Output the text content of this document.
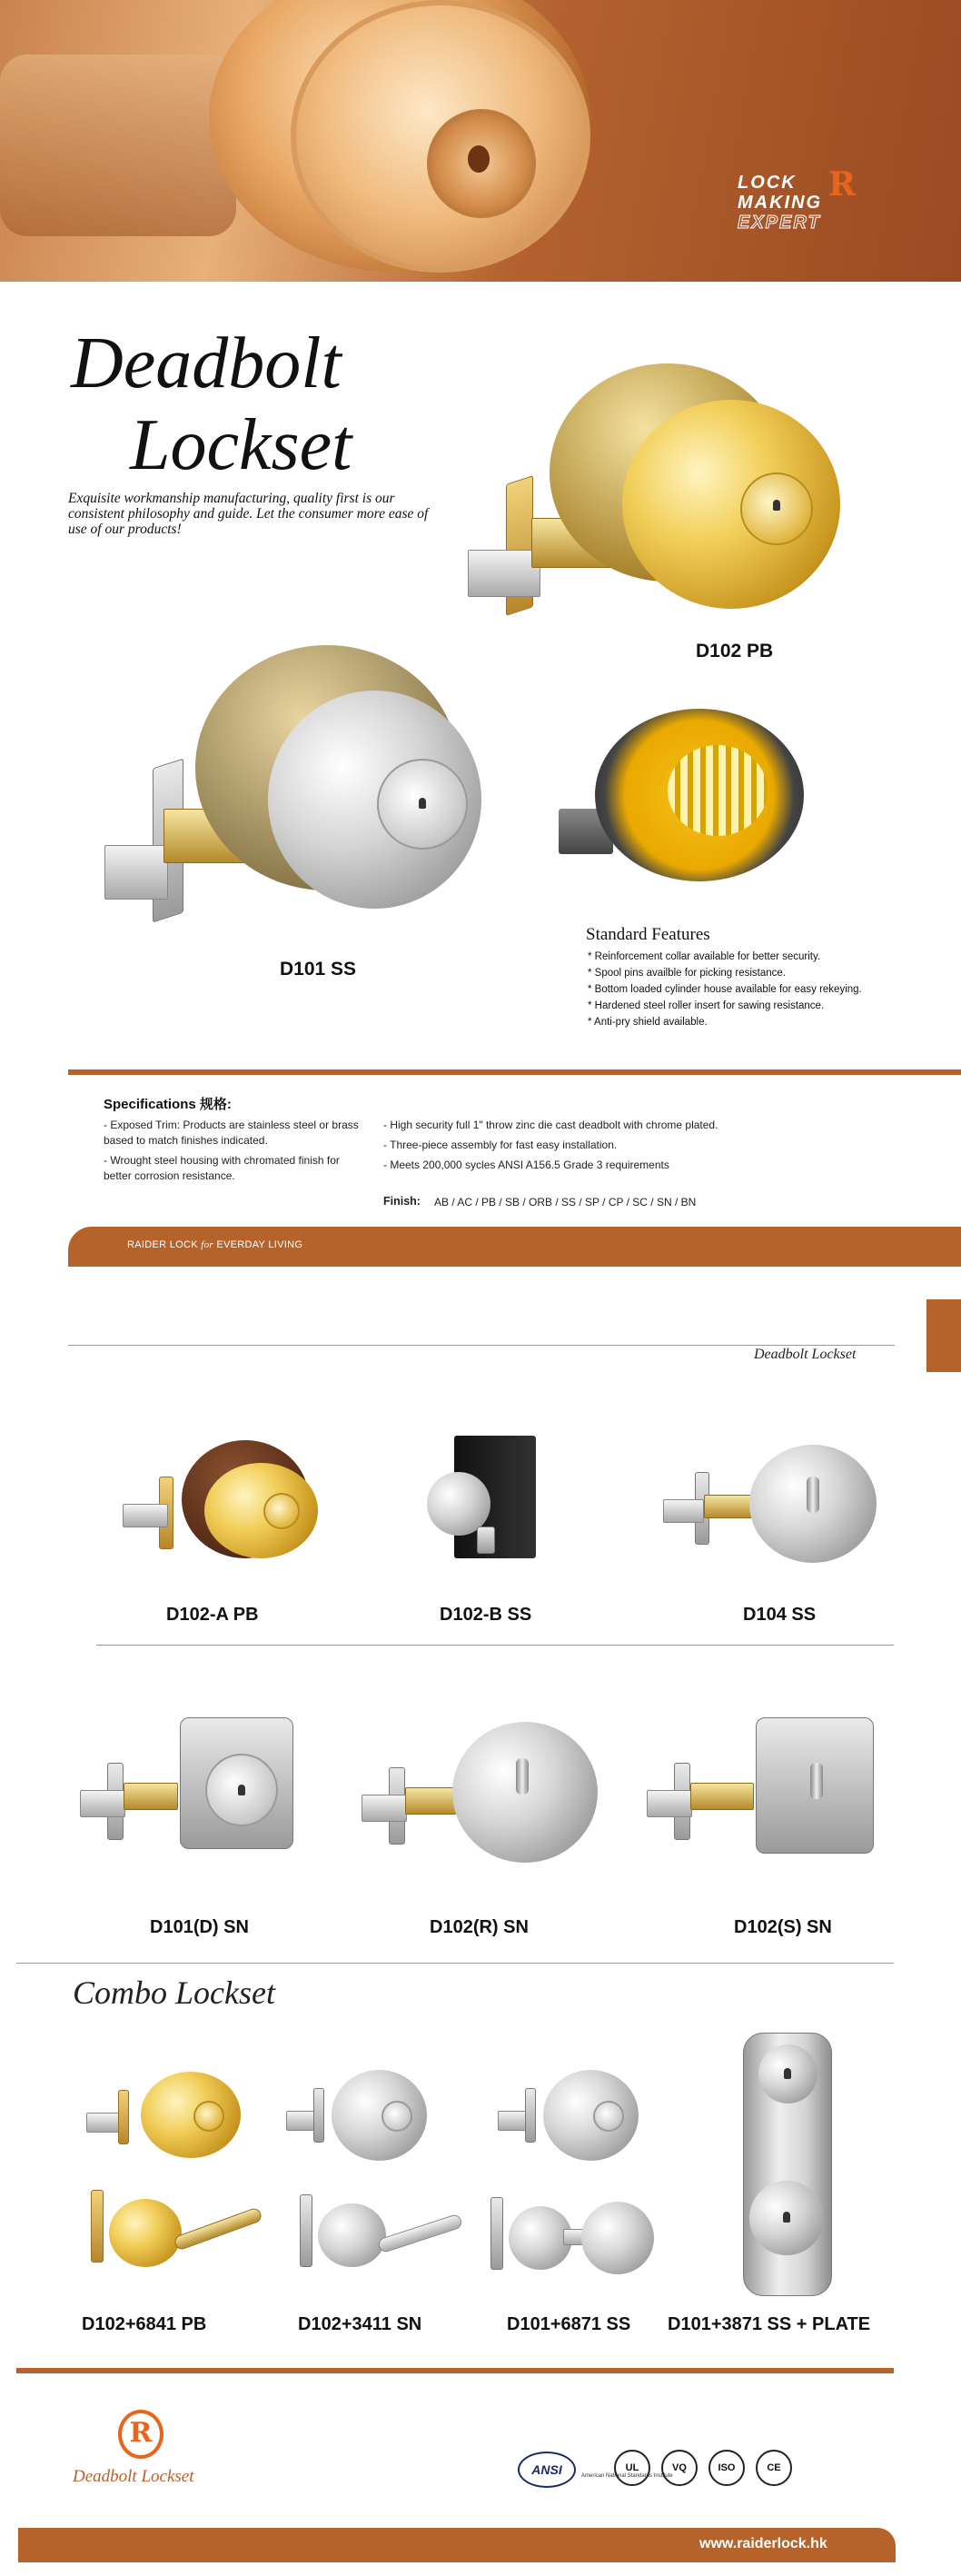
LOCK
MAKING
EXPERT
R
Deadbolt
Lockset
Exquisite workmanship manufacturing, quality first is our consistent philosophy and guide. Let the consumer more ease of use of our products!
D102 PB
D101 SS
Standard Features
* Reinforcement collar available for better security.
* Spool pins availble for picking resistance.
* Bottom loaded cylinder house available for easy rekeying.
* Hardened steel roller insert for sawing resistance.
* Anti-pry shield available.
Specifications 规格:
- Exposed Trim: Products are stainless steel or brass based to match finishes indicated.
- Wrought steel housing with chromated finish for better corrosion resistance.
- High security full 1" throw zinc die cast deadbolt with chrome plated.
- Three-piece assembly for fast easy installation.
- Meets 200,000 sycles ANSI A156.5 Grade 3 requirements
Finish: AB / AC / PB / SB / ORB / SS / SP / CP / SC / SN / BN
RAIDER LOCK for EVERDAY LIVING
Deadbolt Lockset
D102-A PB	D102-B SS	D104 SS
D101(D) SN	D102(R) SN	D102(S) SN
Combo Lockset
D102+6841 PB	D102+3411 SN	D101+6871 SS D101+3871 SS + PLATE
R
Deadbolt Lockset	ANSI	American National Standards Institute
UL	VQ	ISO	CE
www.raiderlock.hk
